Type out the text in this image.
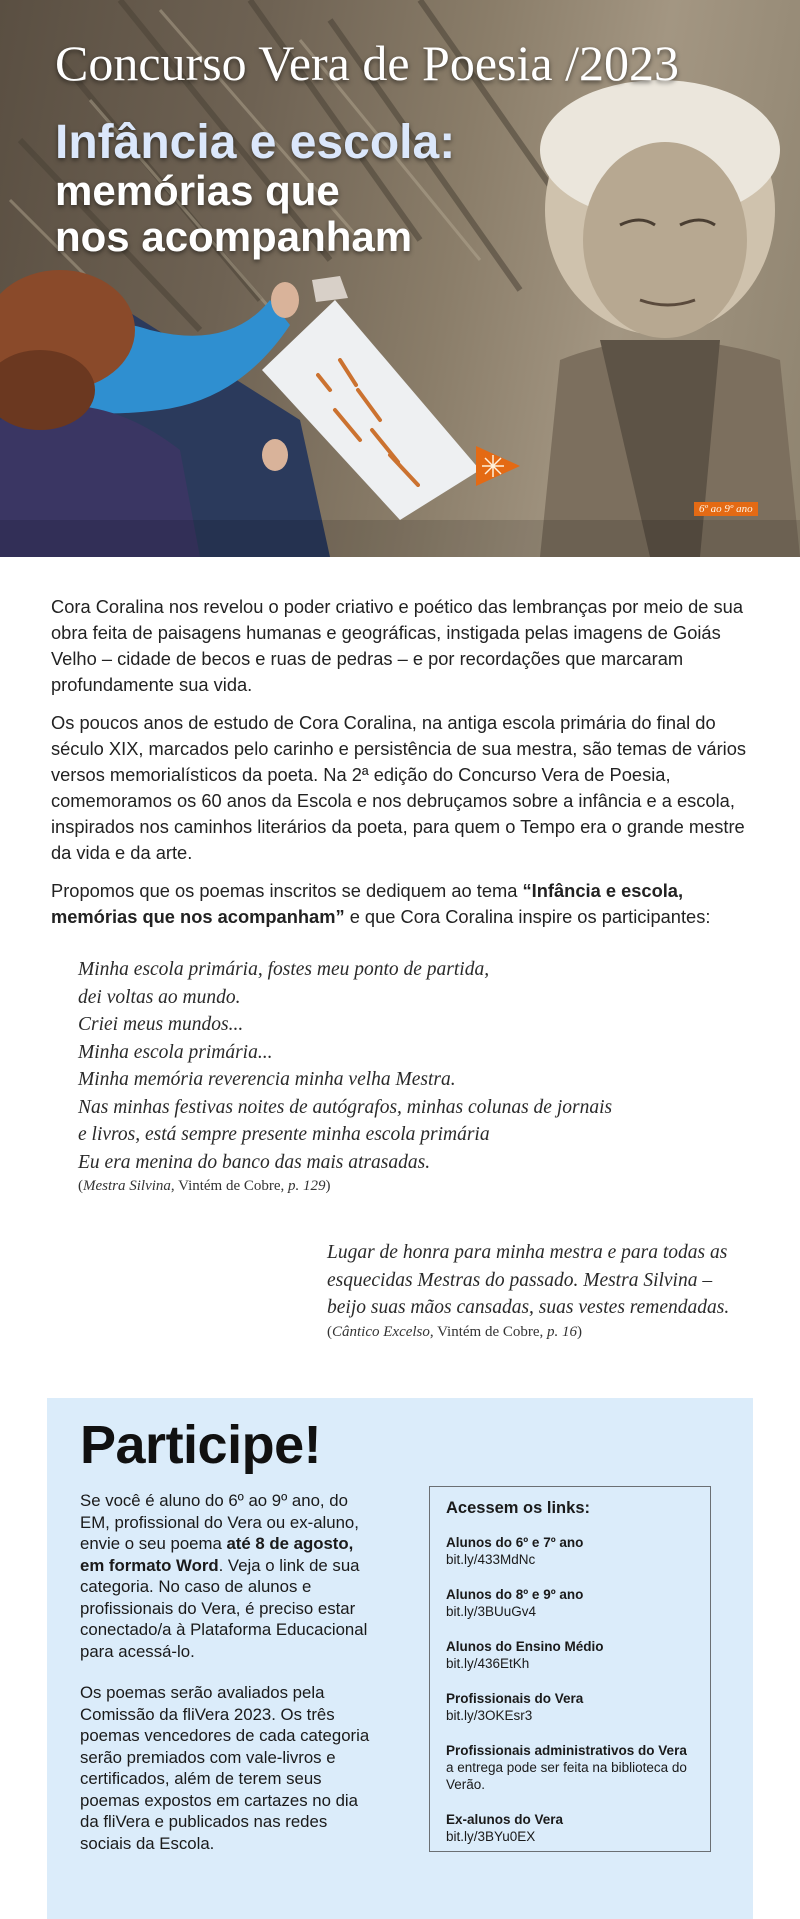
Concurso Vera de Poesia /2023
Infância e escola:
memórias que
nos acompanham
6º ao 9º ano

Cora Coralina nos revelou o poder criativo e poético das lembranças por meio de sua obra feita de paisagens humanas e geográficas, instigada pelas imagens de Goiás Velho – cidade de becos e ruas de pedras – e por recordações que marcaram profundamente sua vida.

Os poucos anos de estudo de Cora Coralina, na antiga escola primária do final do século XIX, marcados pelo carinho e persistência de sua mestra, são temas de vários versos memorialísticos da poeta. Na 2ª edição do Concurso Vera de Poesia, comemoramos os 60 anos da Escola e nos debruçamos sobre a infância e a escola, inspirados nos caminhos literários da poeta, para quem o Tempo era o grande mestre da vida e da arte.

Propomos que os poemas inscritos se dediquem ao tema “Infância e escola, memórias que nos acompanham” e que Cora Coralina inspire os participantes:

Minha escola primária, fostes meu ponto de partida,

dei voltas ao mundo.

Criei meus mundos...

Minha escola primária...

Minha memória reverencia minha velha Mestra.

Nas minhas festivas noites de autógrafos, minhas colunas de jornais

e livros, está sempre presente minha escola primária

Eu era menina do banco das mais atrasadas.

(Mestra Silvina, Vintém de Cobre, p. 129)

Lugar de honra para minha mestra e para todas as

esquecidas Mestras do passado. Mestra Silvina –

beijo suas mãos cansadas, suas vestes remendadas.

(Cântico Excelso, Vintém de Cobre, p. 16)
Participe!

Se você é aluno do 6º ao 9º ano, do EM, profissional do Vera ou ex-aluno, envie o seu poema até 8 de agosto, em formato Word. Veja o link de sua categoria. No caso de alunos e profissionais do Vera, é preciso estar conectado/a à Plataforma Educacional para acessá-lo.

Os poemas serão avaliados pela Comissão da fliVera 2023. Os três poemas vencedores de cada categoria serão premiados com vale-livros e certificados, além de terem seus poemas expostos em cartazes no dia da fliVera e publicados nas redes sociais da Escola.

Acessem os links:
Alunos do 6º e 7º ano
bit.ly/433MdNc
Alunos do 8º e 9º ano
bit.ly/3BUuGv4
Alunos do Ensino Médio
bit.ly/436EtKh
Profissionais do Vera
bit.ly/3OKEsr3
Profissionais administrativos do Vera
a entrega pode ser feita na biblioteca do Verão.
Ex-alunos do Vera
bit.ly/3BYu0EX
